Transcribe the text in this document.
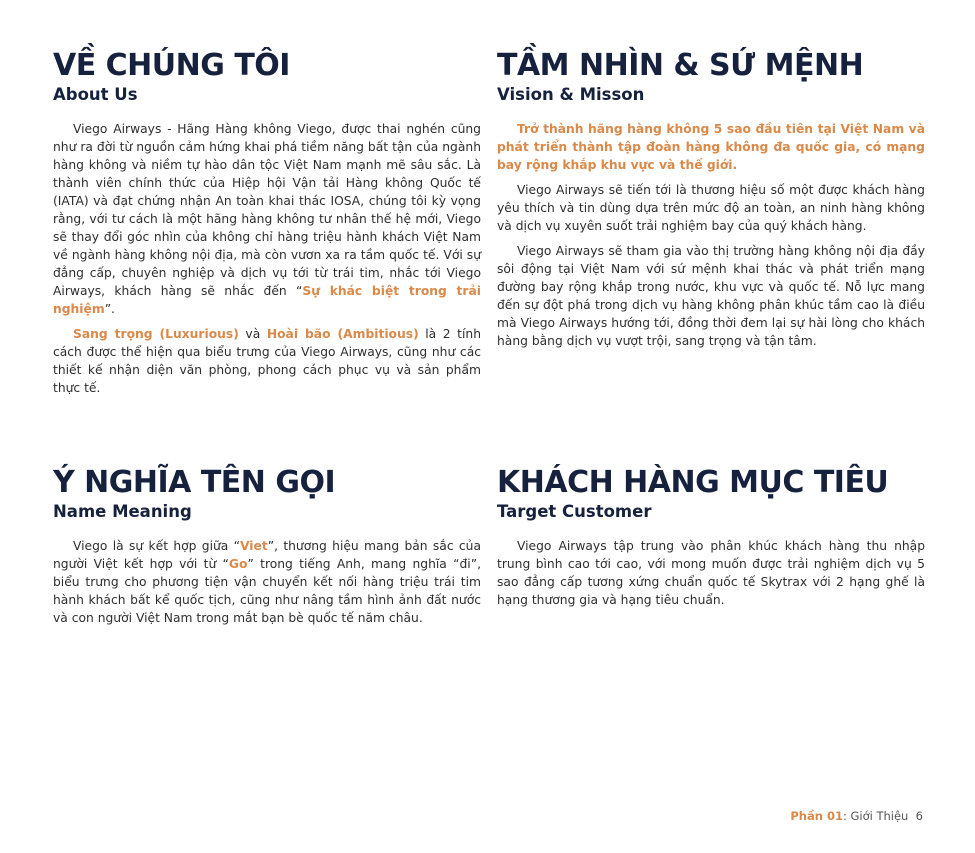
VỀ CHÚNG TÔI
About Us

Viego Airways - Hãng Hàng không Viego, được thai nghén cũng như ra đời từ nguồn cảm hứng khai phá tiềm năng bất tận của ngành hàng không và niềm tự hào dân tộc Việt Nam mạnh mẽ sâu sắc. Là thành viên chính thức của Hiệp hội Vận tải Hàng không Quốc tế (IATA) và đạt chứng nhận An toàn khai thác IOSA, chúng tôi kỳ vọng rằng, với tư cách là một hãng hàng không tư nhân thế hệ mới, Viego sẽ thay đổi góc nhìn của không chỉ hàng triệu hành khách Việt Nam về ngành hàng không nội địa, mà còn vươn xa ra tầm quốc tế. Với sự đẳng cấp, chuyên nghiệp và dịch vụ tới từ trái tim, nhắc tới Viego Airways, khách hàng sẽ nhắc đến “Sự khác biệt trong trải nghiệm”.

Sang trọng (Luxurious) và Hoài bão (Ambitious) là 2 tính cách được thể hiện qua biểu trưng của Viego Airways, cũng như các thiết kế nhận diện văn phòng, phong cách phục vụ và sản phẩm thực tế.

TẦM NHÌN & SỨ MỆNH
Vision & Misson

Trở thành hãng hàng không 5 sao đầu tiên tại Việt Nam và phát triển thành tập đoàn hàng không đa quốc gia, có mạng bay rộng khắp khu vực và thế giới.

Viego Airways sẽ tiến tới là thương hiệu số một được khách hàng yêu thích và tin dùng dựa trên mức độ an toàn, an ninh hàng không và dịch vụ xuyên suốt trải nghiệm bay của quý khách hàng.

Viego Airways sẽ tham gia vào thị trường hàng không nội địa đầy sôi động tại Việt Nam với sứ mệnh khai thác và phát triển mạng đường bay rộng khắp trong nước, khu vực và quốc tế. Nỗ lực mang đến sự đột phá trong dịch vụ hàng không phân khúc tầm cao là điều mà Viego Airways hướng tới, đồng thời đem lại sự hài lòng cho khách hàng bằng dịch vụ vượt trội, sang trọng và tận tâm.

Ý NGHĨA TÊN GỌI
Name Meaning

Viego là sự kết hợp giữa “Viet”, thương hiệu mang bản sắc của người Việt kết hợp với từ “Go” trong tiếng Anh, mang nghĩa “đi”, biểu trưng cho phương tiện vận chuyển kết nối hàng triệu trái tim hành khách bất kể quốc tịch, cũng như nâng tầm hình ảnh đất nước và con người Việt Nam trong mắt bạn bè quốc tế năm châu.

KHÁCH HÀNG MỤC TIÊU
Target Customer

Viego Airways tập trung vào phân khúc khách hàng thu nhập trung bình cao tới cao, với mong muốn được trải nghiệm dịch vụ 5 sao đẳng cấp tương xứng chuẩn quốc tế Skytrax với 2 hạng ghế là hạng thương gia và hạng tiêu chuẩn.

Phần 01: Giới Thiệu 6
